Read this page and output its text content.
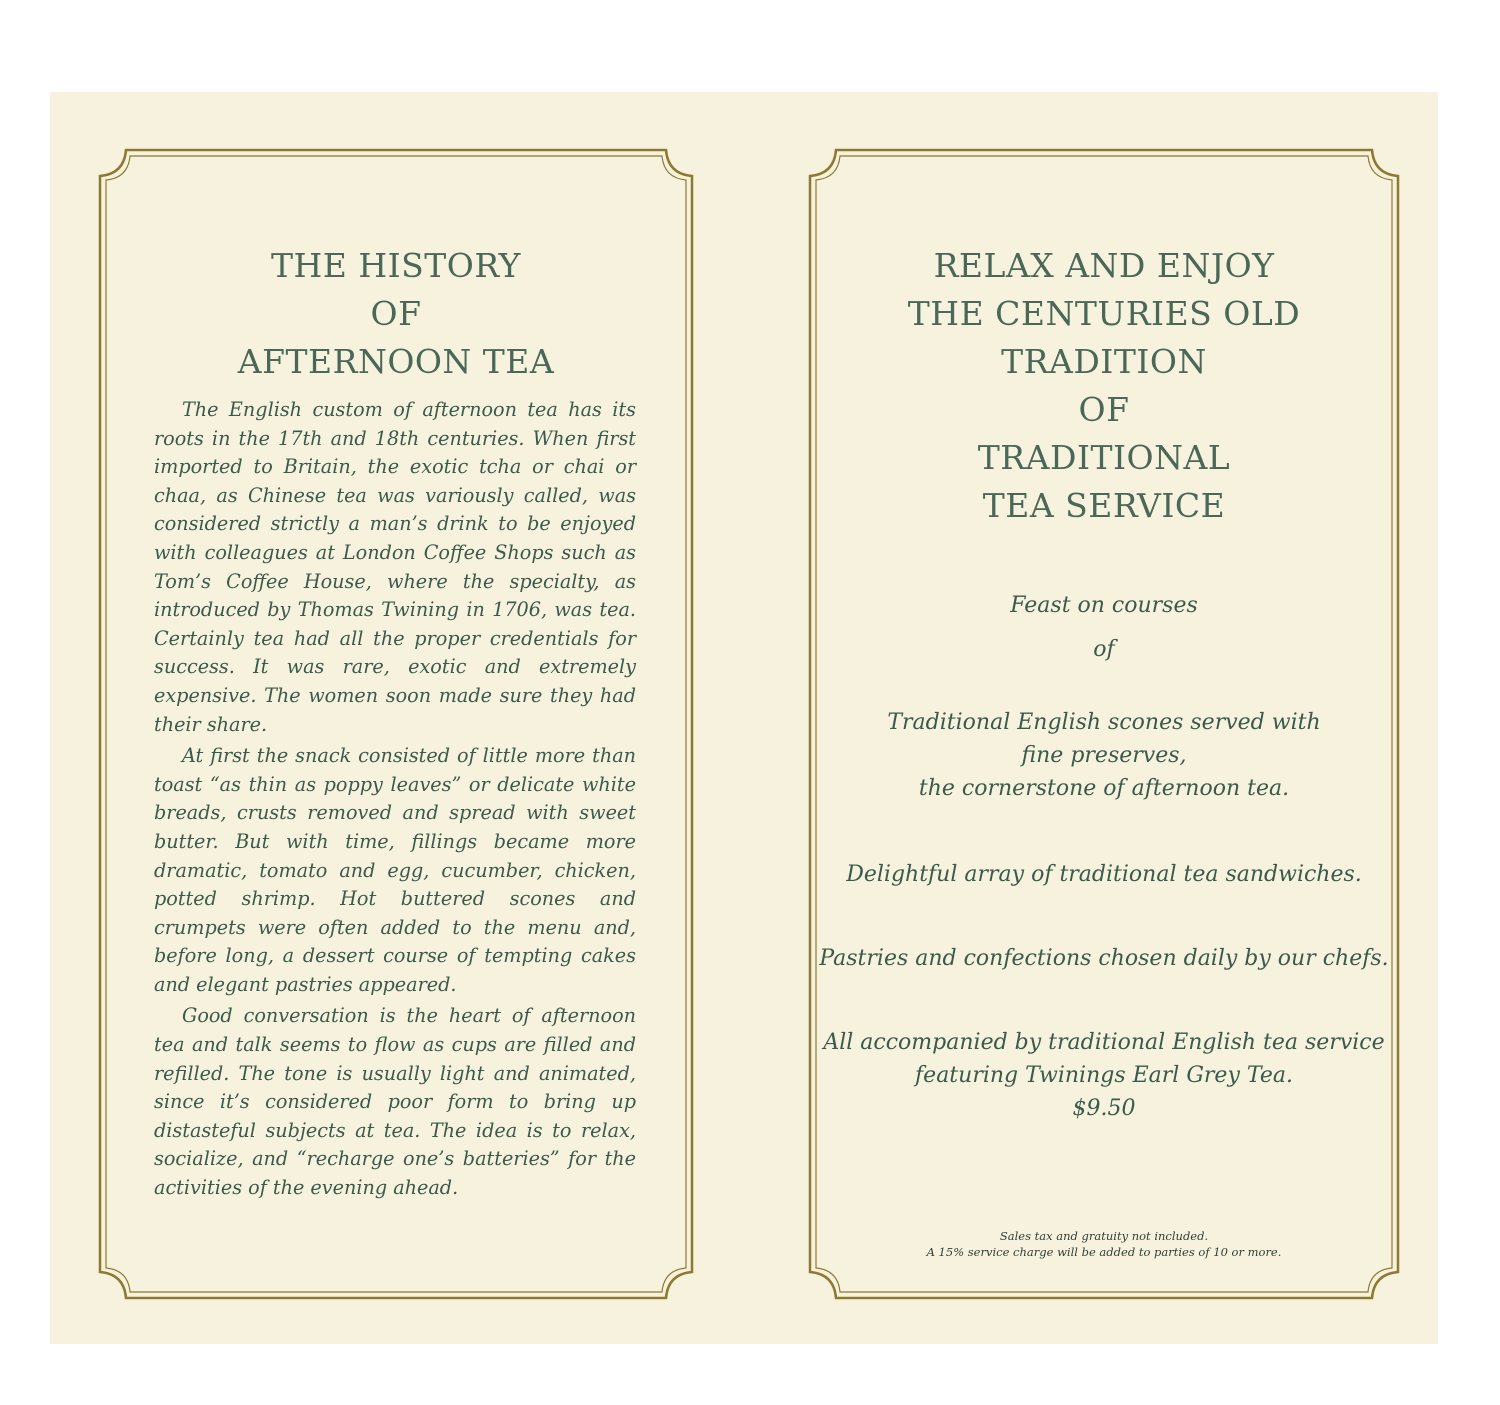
THE HISTORY
OF
AFTERNOON TEA

The English custom of afternoon tea has its roots in the 17th and 18th centuries. When first imported to Britain, the exotic tcha or chai or chaa, as Chinese tea was variously called, was considered strictly a man’s drink to be enjoyed with colleagues at London Coffee Shops such as Tom’s Coffee House, where the specialty, as introduced by Thomas Twining in 1706, was tea. Certainly tea had all the proper credentials for success. It was rare, exotic and extremely expensive. The women soon made sure they had their share.

At first the snack consisted of little more than toast “as thin as poppy leaves” or delicate white breads, crusts removed and spread with sweet butter. But with time, fillings became more dramatic, tomato and egg, cucumber, chicken, potted shrimp. Hot buttered scones and crumpets were often added to the menu and, before long, a dessert course of tempting cakes and elegant pastries appeared.

Good conversation is the heart of afternoon tea and talk seems to flow as cups are filled and refilled. The tone is usually light and animated, since it’s considered poor form to bring up distasteful subjects at tea. The idea is to relax, socialize, and “recharge one’s batteries” for the activities of the evening ahead.

RELAX AND ENJOY
THE CENTURIES OLD
TRADITION
OF
TRADITIONAL
TEA SERVICE
Feast on courses
of
Traditional English scones served with
fine preserves,
the cornerstone of afternoon tea.
Delightful array of traditional tea sandwiches.
Pastries and confections chosen daily by our chefs.
All accompanied by traditional English tea service
featuring Twinings Earl Grey Tea.
$9.50
Sales tax and gratuity not included.
A 15% service charge will be added to parties of 10 or more.
